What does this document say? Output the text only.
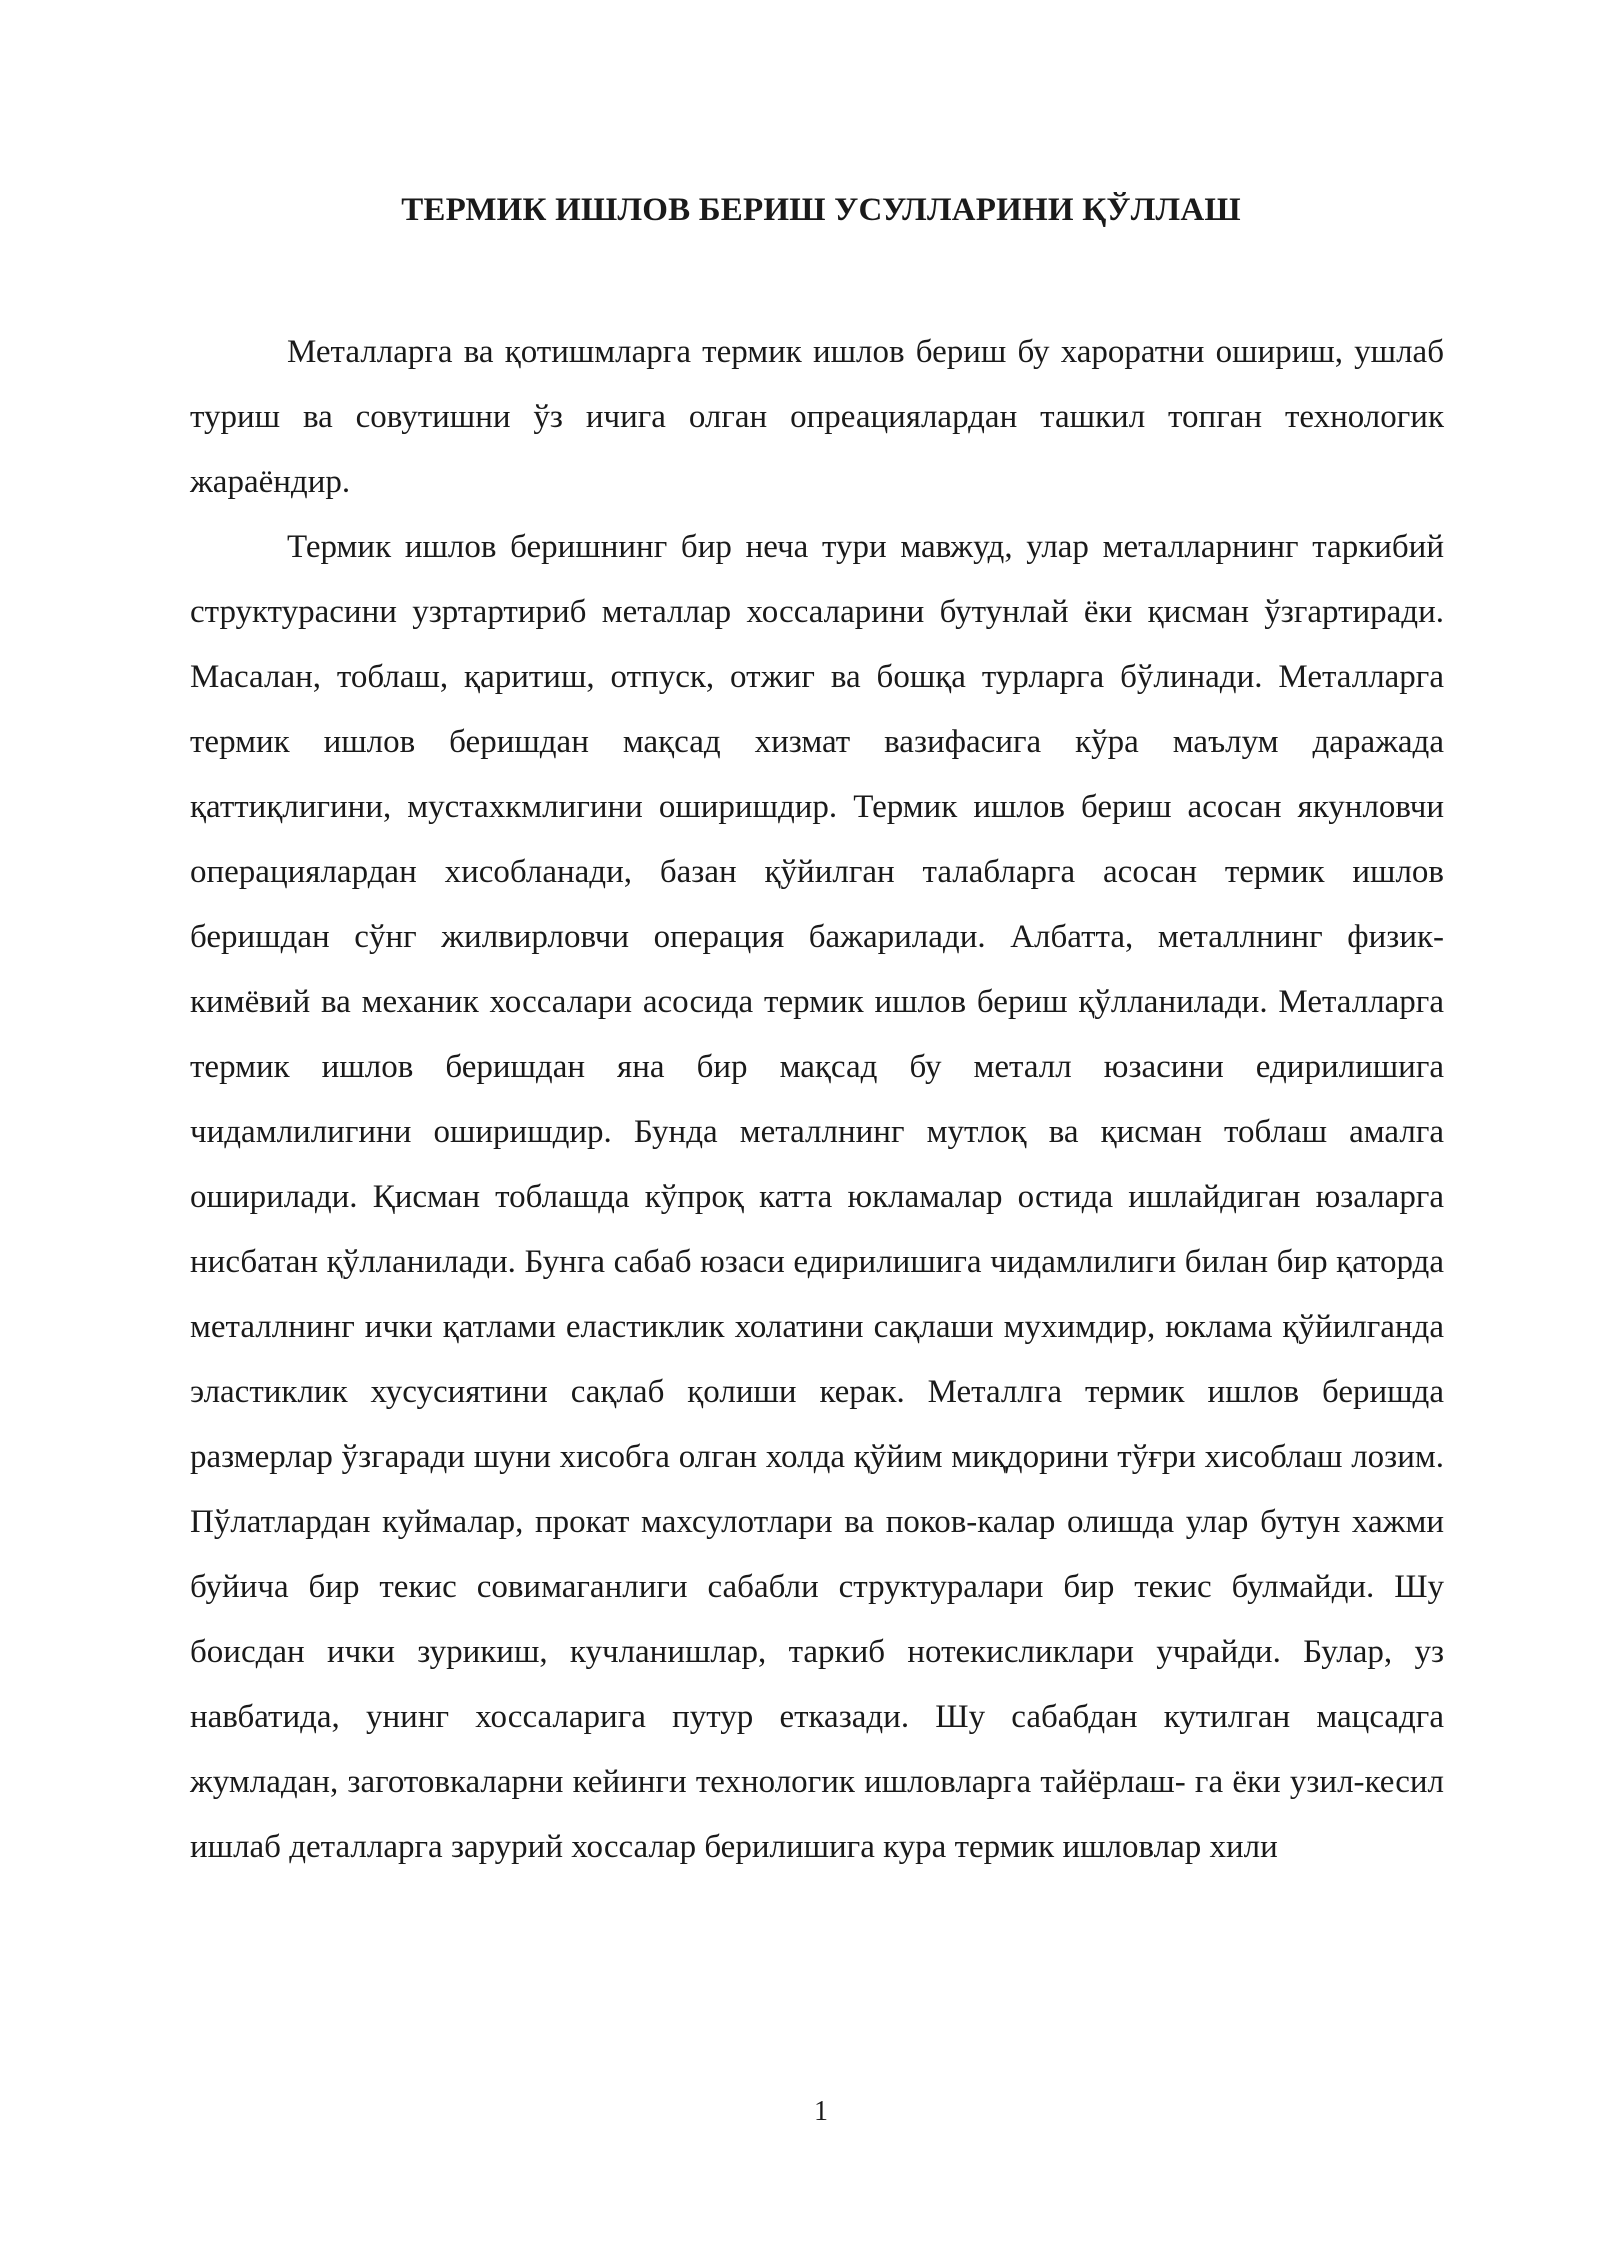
ТЕРМИК ИШЛОВ БЕРИШ УСУЛЛАРИНИ ҚЎЛЛАШ

Металларга ва қотишмларга термик ишлов бериш бу хароратни ошириш, ушлаб туриш ва совутишни ўз ичига олган опреациялардан ташкил топган технологик жараёндир.

Термик ишлов беришнинг бир неча тури мавжуд, улар металларнинг таркибий структурасини узртартириб металлар хоссаларини бутунлай ёки қисман ўзгартиради. Масалан, тоблаш, қаритиш, отпуск, отжиг ва бошқа турларга бўлинади. Металларга термик ишлов беришдан мақсад хизмат вазифасига кўра маълум даражада қаттиқлигини, мустахкмлигини оширишдир. Термик ишлов бериш асосан якунловчи операциялардан хисобланади, базан қўйилган талабларга асосан термик ишлов беришдан сўнг жилвирловчи операция бажарилади. Албатта, металлнинг физик-кимёвий ва механик хоссалари асосида термик ишлов бериш қўлланилади. Металларга термик ишлов беришдан яна бир мақсад бу металл юзасини едирилишига чидамлилигини оширишдир. Бунда металлнинг мутлоқ ва қисман тоблаш амалга оширилади. Қисман тоблашда кўпроқ катта юкламалар остида ишлайдиган юзаларга нисбатан қўлланилади. Бунга сабаб юзаси едирилишига чидамлилиги билан бир қаторда металлнинг ички қатлами еластиклик холатини сақлаши мухимдир, юклама қўйилганда эластиклик хусусиятини сақлаб қолиши керак. Металлга термик ишлов беришда размерлар ўзгаради шуни хисобга олган холда қўйим миқдорини тўғри хисоблаш лозим. Пўлатлардан куймалар, прокат махсулотлари ва поков-калар олишда улар бутун хажми буйича бир текис совимаганлиги сабабли структуралари бир текис булмайди. Шу боисдан ички зурикиш, кучланишлар, таркиб нотекисликлари учрайди. Булар, уз навбатида, унинг хоссаларига путур етказади. Шу сабабдан кутилган мацсадга жумладан, заготовкаларни кейинги технологик ишловларга тайёрлаш- га ёки узил-кесил ишлаб деталларга зарурий хоссалар берилишига кура термик ишловлар хили

1
